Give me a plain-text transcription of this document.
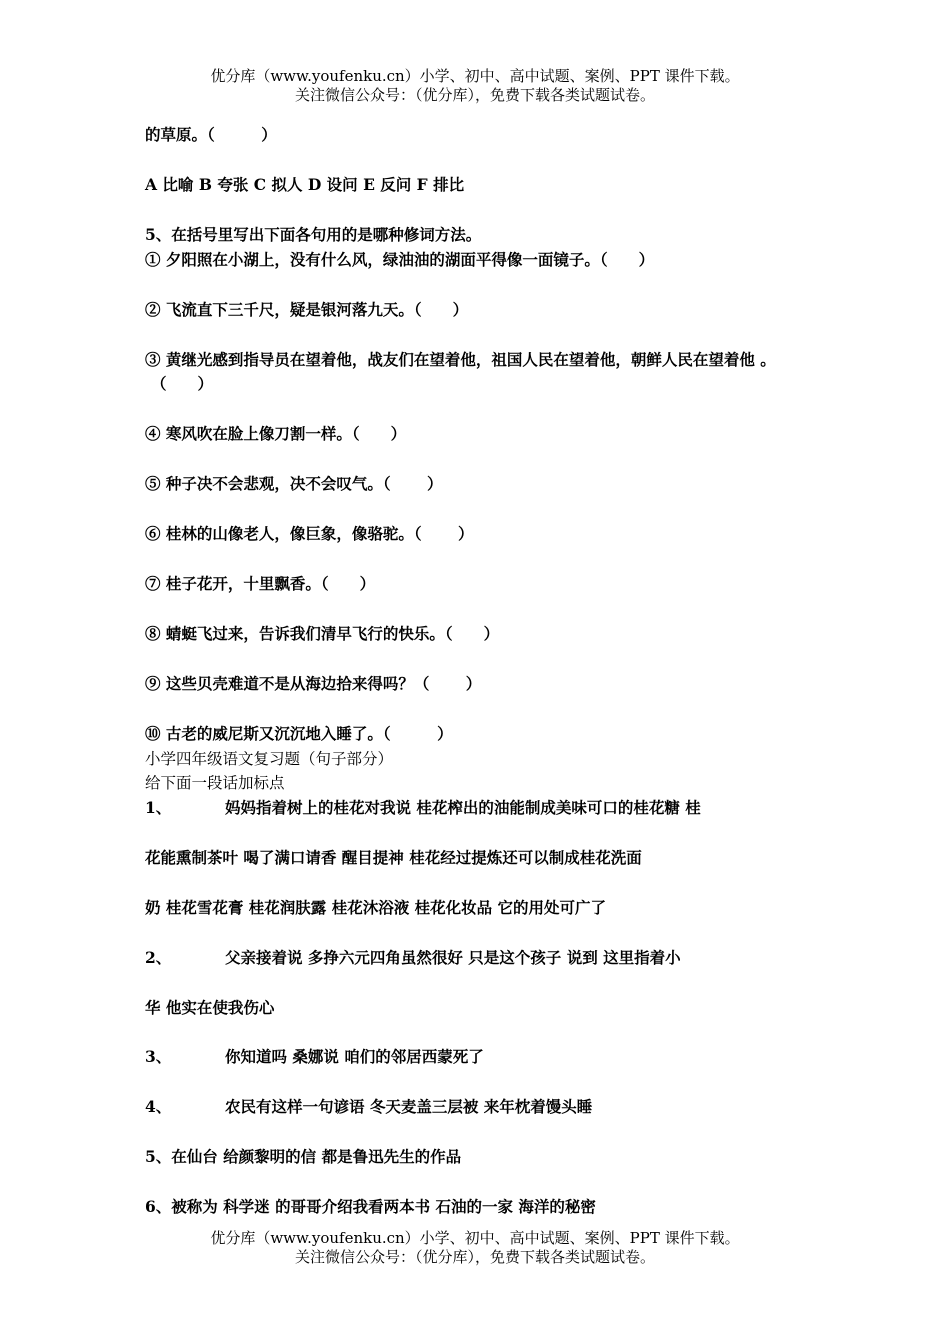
优分库（www.youfenku.cn）小学、初中、高中试题、案例、PPT 课件下载。
关注微信公众号：（优分库），免费下载各类试题试卷。
的草原。（　　　）
A 比喻 B 夸张 C 拟人 D 设问 E 反问 F 排比
5、在括号里写出下面各句用的是哪种修词方法。
① 夕阳照在小湖上，没有什么风，绿油油的湖面平得像一面镜子。（　　）
② 飞流直下三千尺，疑是银河落九天。（　　）
③ 黄继光感到指导员在望着他，战友们在望着他，祖国人民在望着他，朝鲜人民在望着他 。
（　　）
④ 寒风吹在脸上像刀割一样。（　　）
⑤ 种子决不会悲观，决不会叹气。（　　 ）
⑥ 桂林的山像老人，像巨象，像骆驼。（　　 ）
⑦ 桂子花开，十里飘香。（　　）
⑧ 蜻蜓飞过来，告诉我们清早飞行的快乐。（　　）
⑨ 这些贝壳难道不是从海边拾来得吗？（　　 ）
⑩ 古老的威尼斯又沉沉地入睡了。（　　　）
小学四年级语文复习题（句子部分）
给下面一段话加标点
1、	妈妈指着树上的桂花对我说 桂花榨出的油能制成美味可口的桂花糖 桂
花能熏制茶叶 喝了满口请香 醒目提神 桂花经过提炼还可以制成桂花洗面
奶 桂花雪花膏 桂花润肤露 桂花沐浴液 桂花化妆品 它的用处可广了
2、	父亲接着说 多挣六元四角虽然很好 只是这个孩子 说到 这里指着小
华 他实在使我伤心
3、	你知道吗 桑娜说 咱们的邻居西蒙死了
4、	农民有这样一句谚语 冬天麦盖三层被 来年枕着馒头睡
5、在仙台 给颜黎明的信 都是鲁迅先生的作品
6、被称为 科学迷 的哥哥介绍我看两本书 石油的一家 海洋的秘密
优分库（www.youfenku.cn）小学、初中、高中试题、案例、PPT 课件下载。
关注微信公众号：（优分库），免费下载各类试题试卷。
